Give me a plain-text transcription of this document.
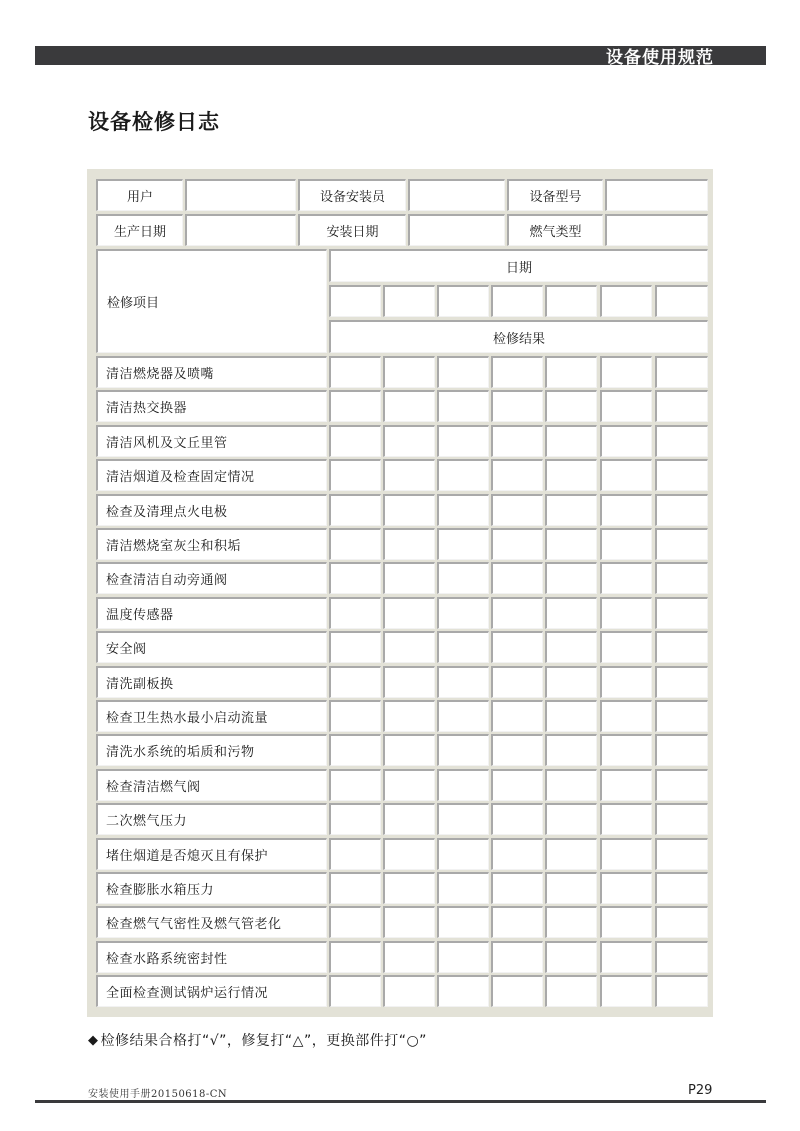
设备使用规范
设备检修日志
用户	设备安装员	设备型号
生产日期	安装日期	燃气类型
检修项目
日期
检修结果
清洁燃烧器及喷嘴
清洁热交换器
清洁风机及文丘里管
清洁烟道及检查固定情况
检查及清理点火电极
清洁燃烧室灰尘和积垢
检查清洁自动旁通阀
温度传感器
安全阀
清洗副板换
检查卫生热水最小启动流量
清洗水系统的垢质和污物
检查清洁燃气阀
二次燃气压力
堵住烟道是否熄灭且有保护
检查膨胀水箱压力
检查燃气气密性及燃气管老化
检查水路系统密封性
全面检查测试锅炉运行情况
◆ 检修结果合格打“√”，修复打“△”，更换部件打“○”
安装使用手册20150618-CN	P29
